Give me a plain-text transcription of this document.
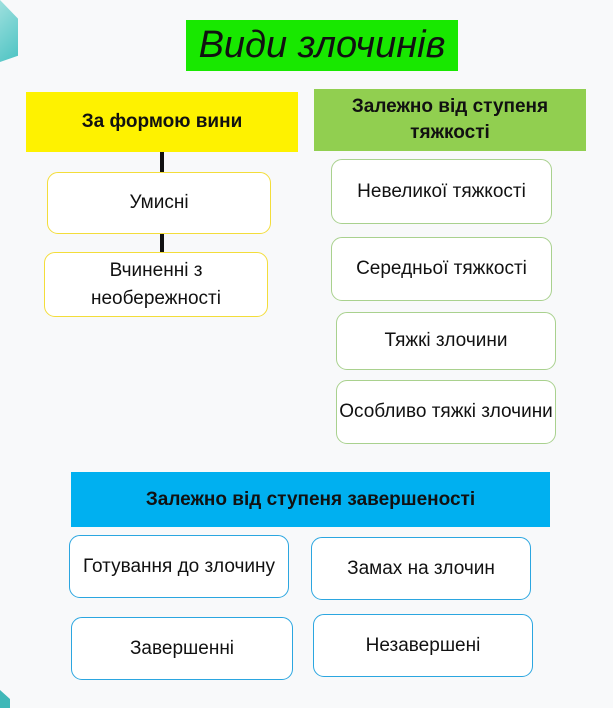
Види злочинів
За формою вини
Умисні
Вчиненні з необережності
Залежно від ступеня тяжкості
Невеликої тяжкості
Середньої тяжкості
Тяжкі злочини
Особливо тяжкі злочини
Залежно від ступеня завершеності
Готування до злочину	Замах на злочин
Завершенні	Незавершені
